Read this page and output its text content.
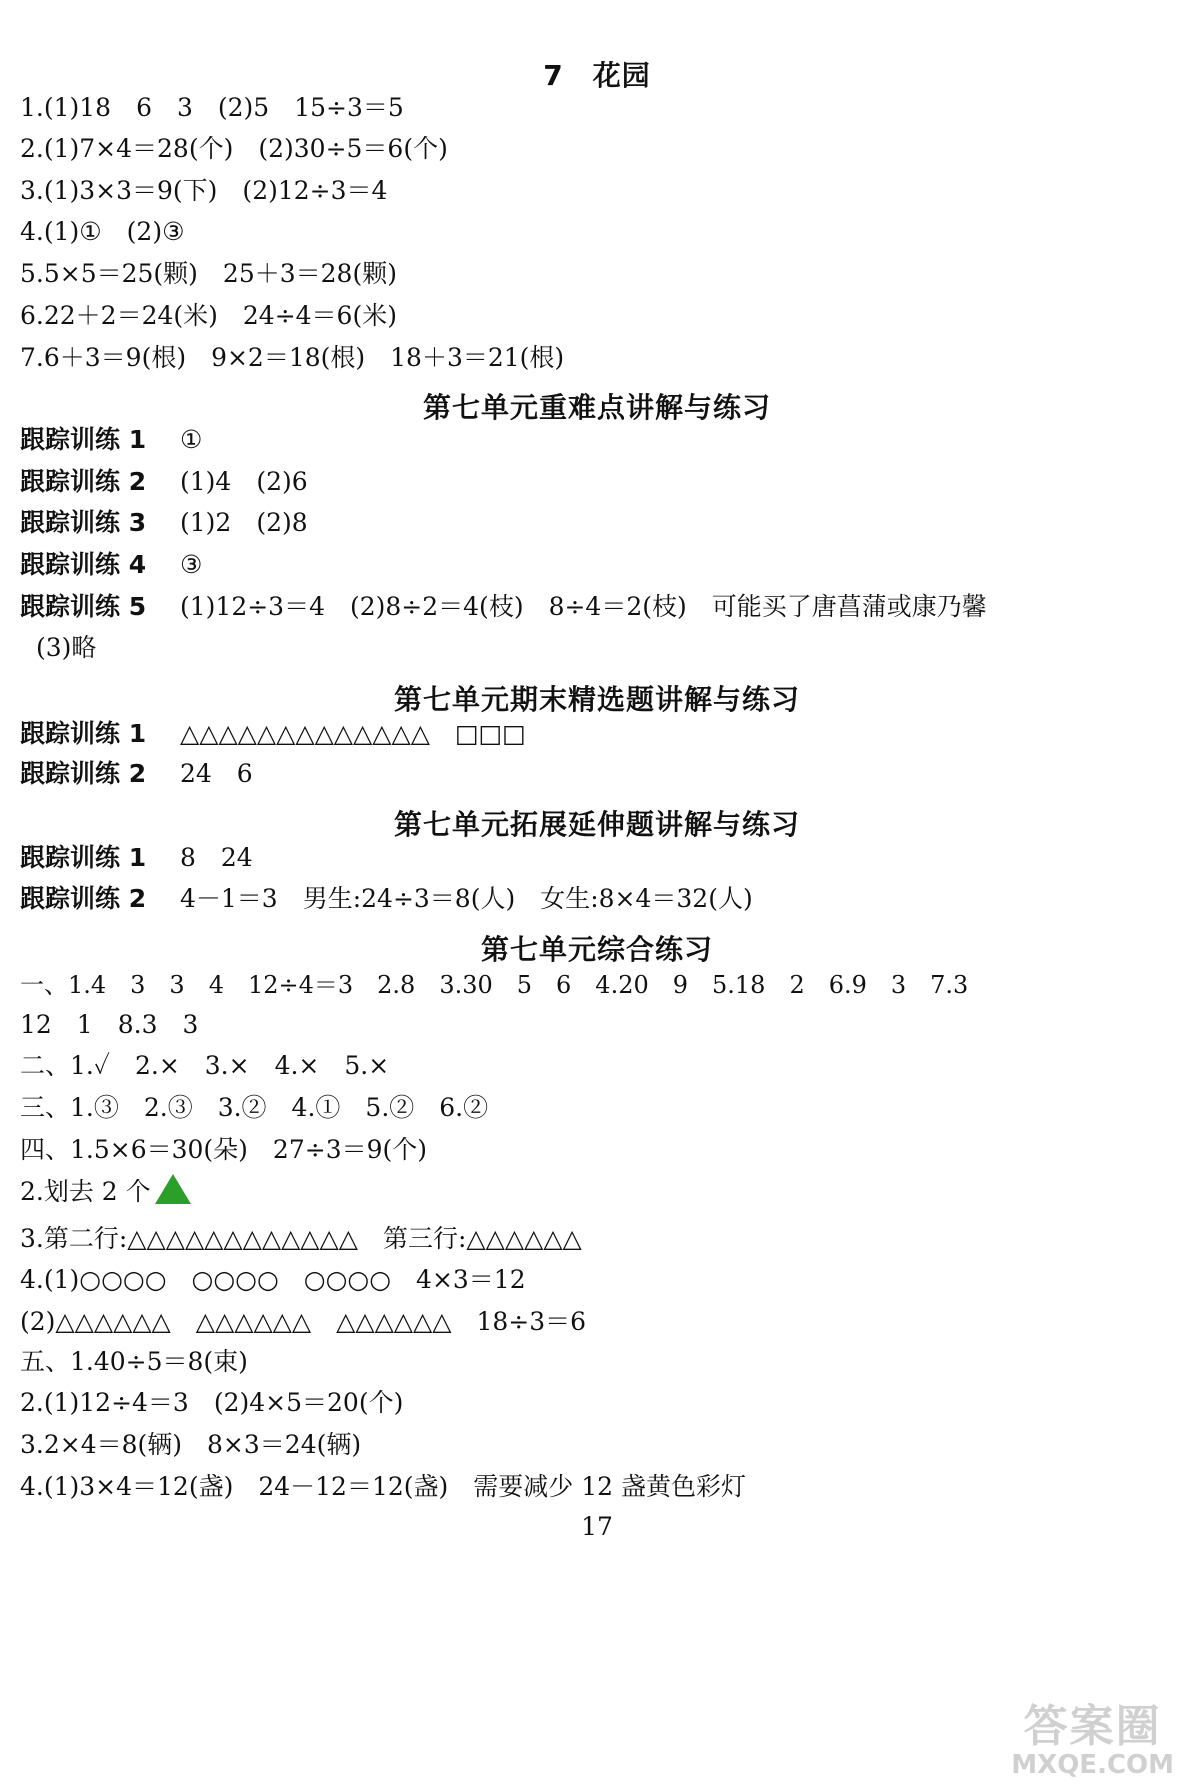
7　花园
1.(1)18　6　3　(2)5　15÷3＝5
2.(1)7×4＝28(个)　(2)30÷5＝6(个)
3.(1)3×3＝9(下)　(2)12÷3＝4
4.(1)①　(2)③
5.5×5＝25(颗)　25＋3＝28(颗)
6.22＋2＝24(米)　24÷4＝6(米)
7.6＋3＝9(根)　9×2＝18(根)　18＋3＝21(根)
第七单元重难点讲解与练习
跟踪训练 1 ①
跟踪训练 2 (1)4　(2)6
跟踪训练 3 (1)2　(2)8
跟踪训练 4 ③
跟踪训练 5 (1)12÷3＝4　(2)8÷2＝4(枝)　8÷4＝2(枝)　可能买了唐菖蒲或康乃馨
(3)略
第七单元期末精选题讲解与练习
跟踪训练 1 △△△△△△△△△△△△△　□□□
跟踪训练 2 24　6
第七单元拓展延伸题讲解与练习
跟踪训练 1 8　24
跟踪训练 2 4－1＝3　男生:24÷3＝8(人)　女生:8×4＝32(人)
第七单元综合练习
一、1.4　3　3　4　12÷4＝3　2.8　3.30　5　6　4.20　9　5.18　2　6.9　3　7.3
12　1　8.3　3
二、1.✓　2.×　3.×　4.×　5.×
三、1.③　2.③　3.②　4.①　5.②　6.②
四、1.5×6＝30(朵)　27÷3＝9(个)
2.划去 2 个
3.第二行:△△△△△△△△△△△△　第三行:△△△△△△
4.(1)○○○○　○○○○　○○○○　4×3＝12
(2)△△△△△△　△△△△△△　△△△△△△　18÷3＝6
五、1.40÷5＝8(束)
2.(1)12÷4＝3　(2)4×5＝20(个)
3.2×4＝8(辆)　8×3＝24(辆)
4.(1)3×4＝12(盏)　24－12＝12(盏)　需要减少 12 盏黄色彩灯
17
答案圈
MXQE.COM
